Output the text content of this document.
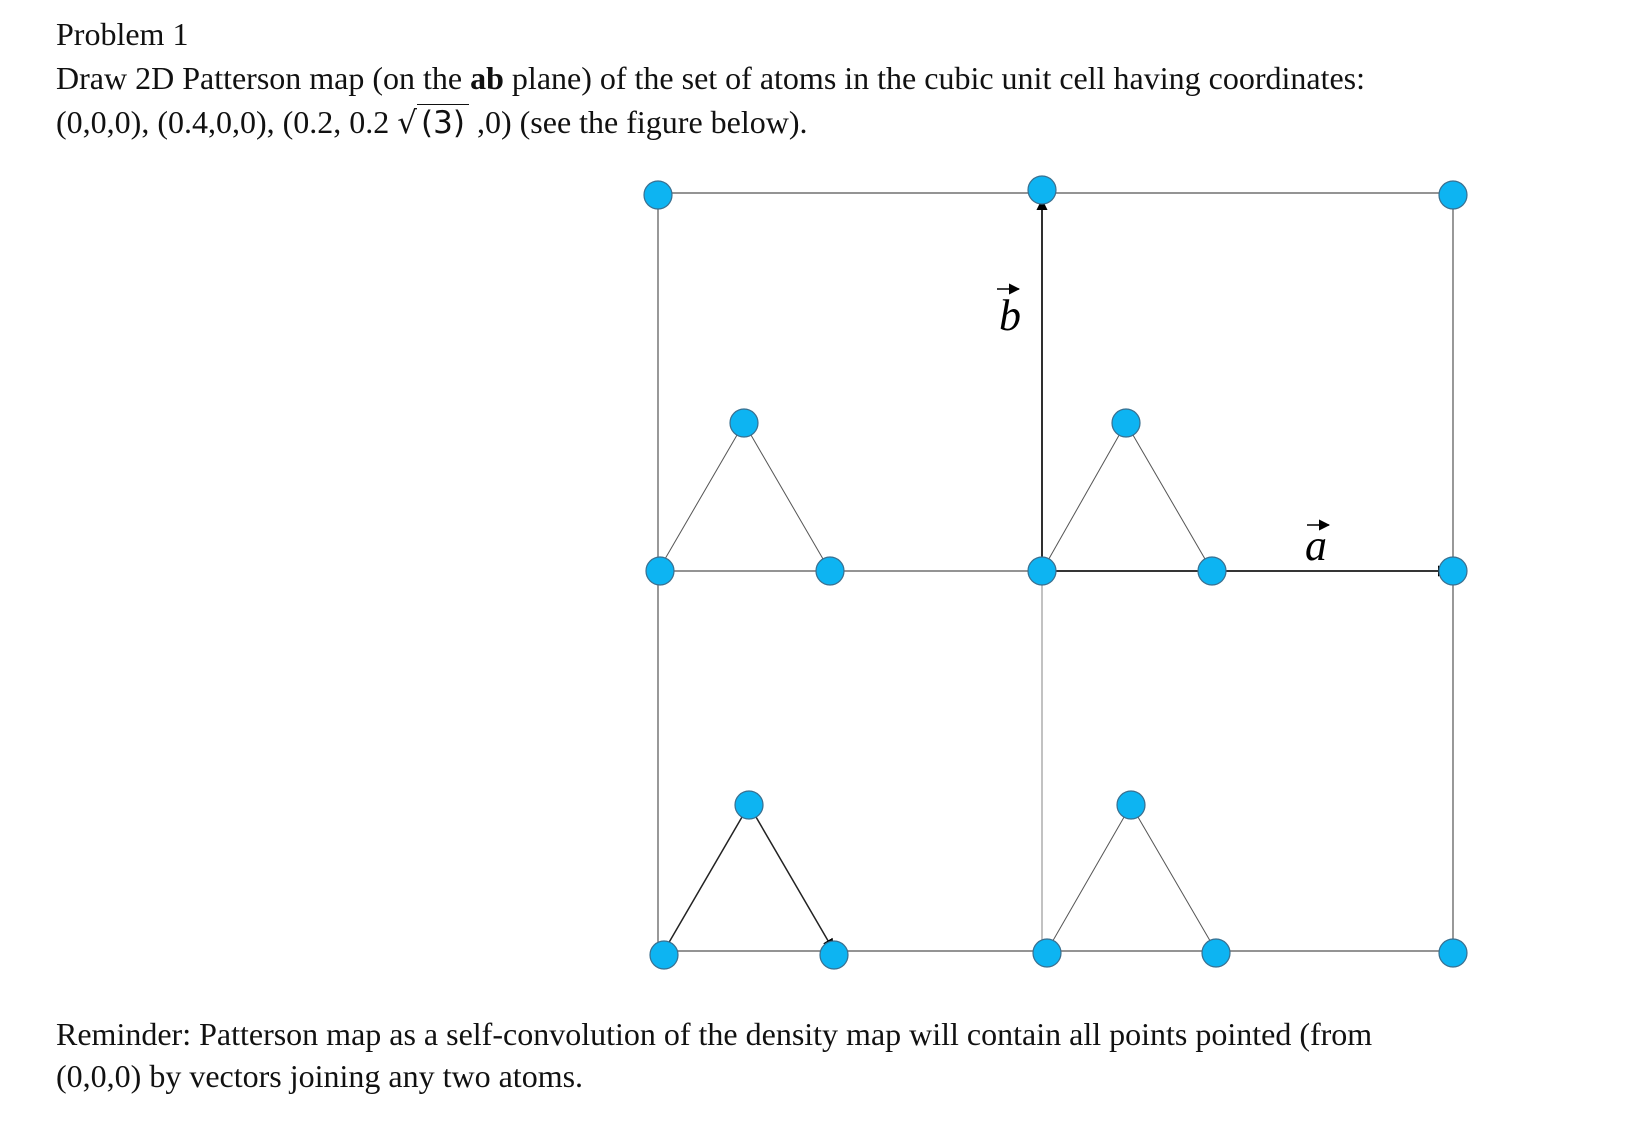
Problem 1
Draw 2D Patterson map (on the ab plane) of the set of atoms in the cubic unit cell having coordinates:
(0,0,0), (0.4,0,0), (0.2, 0.2 √ (3) ,0) (see the figure below).
b
a
Reminder: Patterson map as a self-convolution of the density map will contain all points pointed (from
(0,0,0) by vectors joining any two atoms.
